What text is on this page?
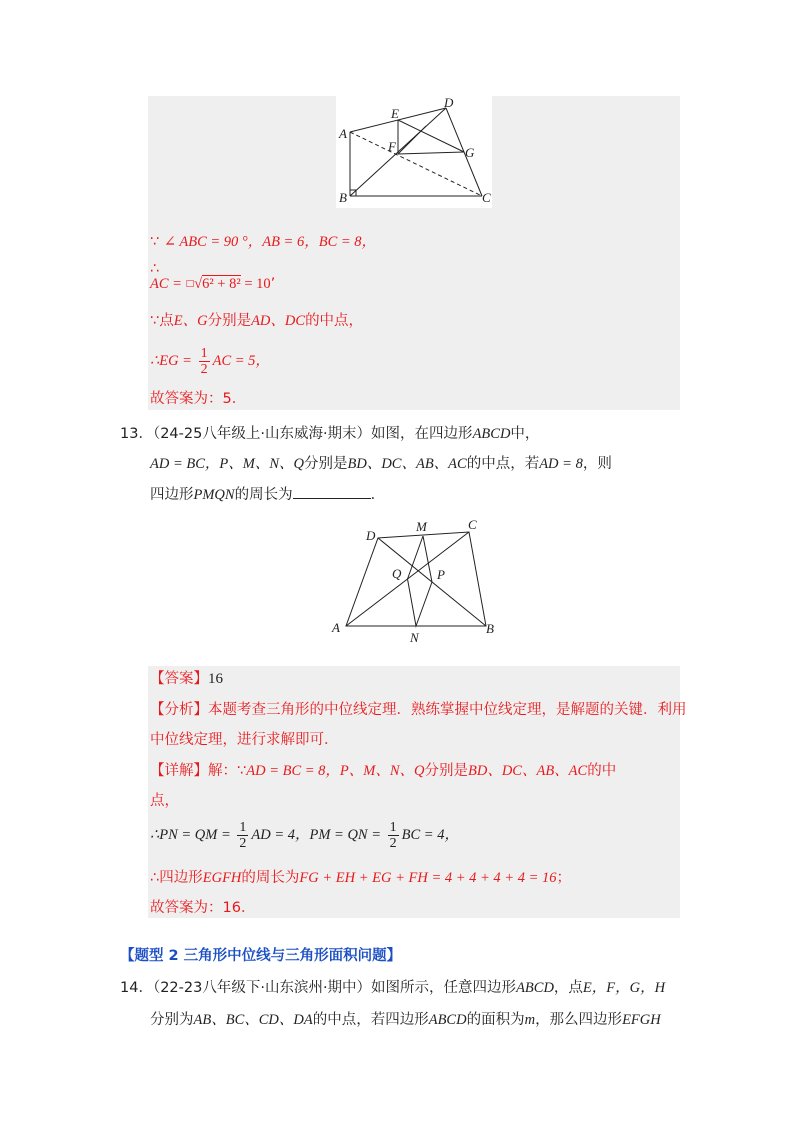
A
B	C
D
E
F	G
∵ ∠ ABC = 90 °，AB = 6，BC = 8，
∴
AC = □√6² + 8² = 10’
∵点E、G分别是AD、DC的中点，
∴EG = $\frac{1}{2}$ AC = 5，
故答案为：5．
13．（24-25八年级上·山东威海·期末）如图，在四边形ABCD中，
AD = BC，P、M、N、Q分别是BD、DC、AB、AC的中点，若AD = 8，则
四边形PMQN的周长为	．
A	B
C
D
M
N
P
Q
【答案】16
【分析】本题考查三角形的中位线定理．熟练掌握中位线定理，是解题的关键．利用
中位线定理，进行求解即可．
【详解】解：∵AD = BC = 8，P、M、N、Q分别是BD、DC、AB、AC的中
点，
∴PN = QM = $\frac{1}{2}$ AD = 4，PM = QN = $\frac{1}{2}$ BC = 4，
∴四边形EGFH的周长为FG + EH + EG + FH = 4 + 4 + 4 + 4 = 16；
故答案为：16．
【题型 2 三角形中位线与三角形面积问题】
14．（22-23八年级下·山东滨州·期中）如图所示，任意四边形ABCD，点E，F，G，H
分别为AB、BC、CD、DA的中点，若四边形ABCD的面积为m，那么四边形EFGH
